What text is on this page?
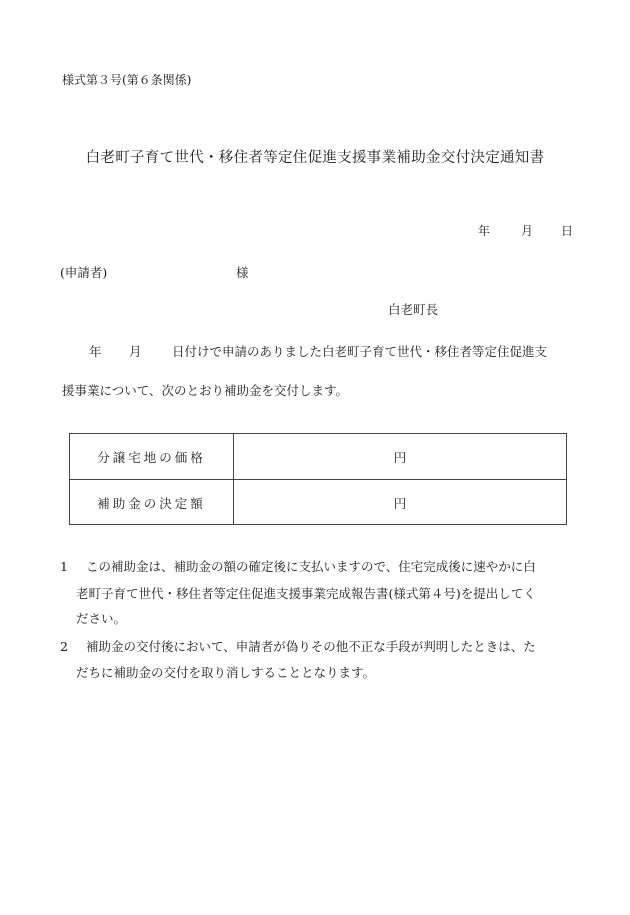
様式第３号(第６条関係)
白老町子育て世代・移住者等定住促進支援事業補助金交付決定通知書
年	月 日
(申請者)	様
白老町長
年 月 日付けで申請のありました白老町子育て世代・移住者等定住促進支
援事業について、次のとおり補助金を交付します。
分譲宅地の価格	円
補助金の決定額	円
1 この補助金は、補助金の額の確定後に支払いますので、住宅完成後に速やかに白
老町子育て世代・移住者等定住促進支援事業完成報告書(様式第４号)を提出してく
ださい。
2 補助金の交付後において、申請者が偽りその他不正な手段が判明したときは、た
だちに補助金の交付を取り消しすることとなります。
